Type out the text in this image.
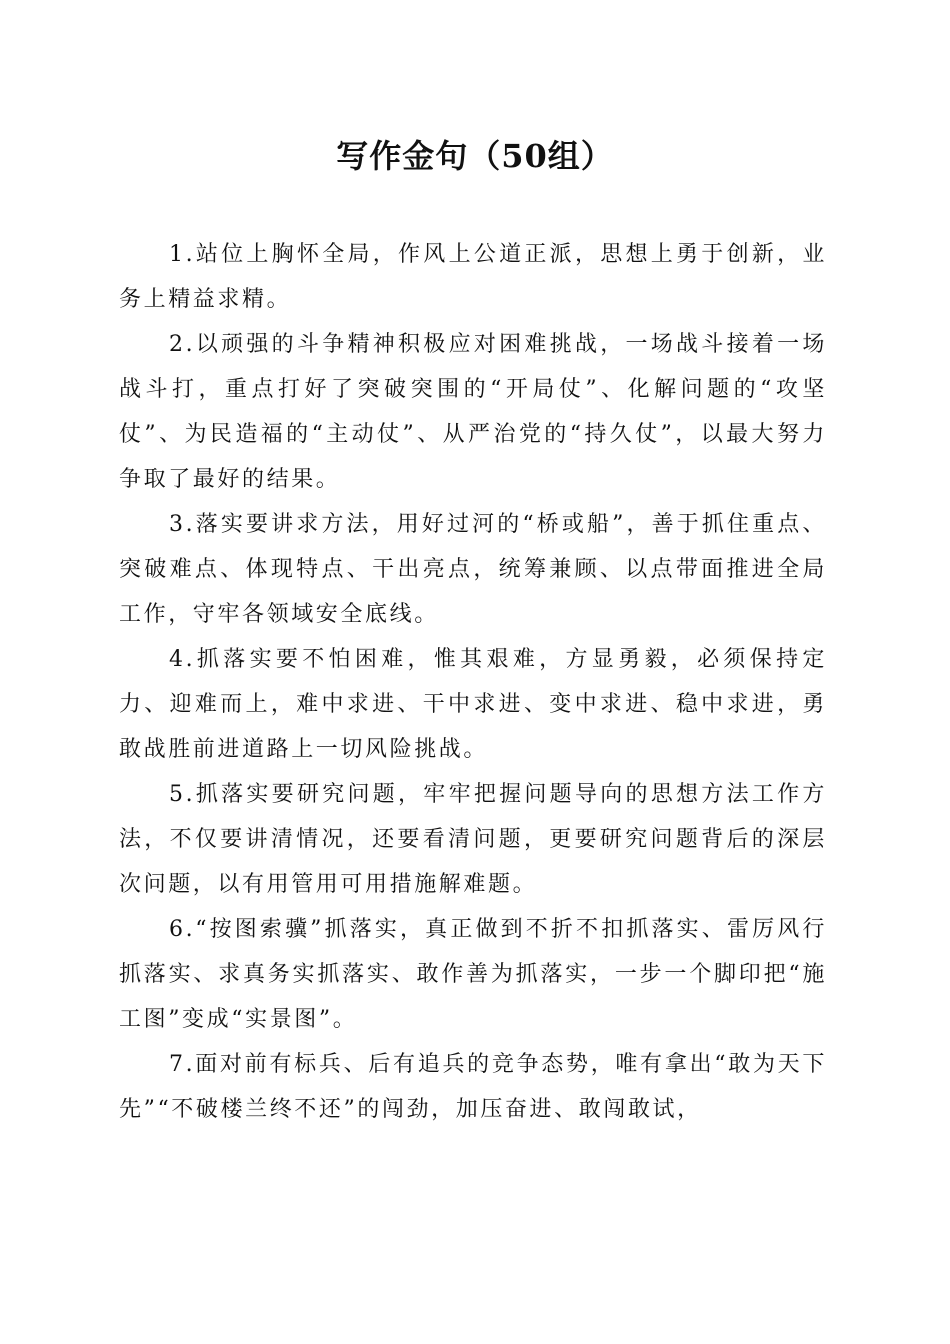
写作金句（50组）

1.站位上胸怀全局，作风上公道正派，思想上勇于创新，业务上精益求精。

2.以顽强的斗争精神积极应对困难挑战，一场战斗接着一场战斗打，重点打好了突破突围的“开局仗”、化解问题的“攻坚仗”、为民造福的“主动仗”、从严治党的“持久仗”，以最大努力争取了最好的结果。

3.落实要讲求方法，用好过河的“桥或船”，善于抓住重点、突破难点、体现特点、干出亮点，统筹兼顾、以点带面推进全局工作，守牢各领域安全底线。

4.抓落实要不怕困难，惟其艰难，方显勇毅，必须保持定力、迎难而上，难中求进、干中求进、变中求进、稳中求进，勇敢战胜前进道路上一切风险挑战。

5.抓落实要研究问题，牢牢把握问题导向的思想方法工作方法，不仅要讲清情况，还要看清问题，更要研究问题背后的深层次问题，以有用管用可用措施解难题。

6.“按图索骥”抓落实，真正做到不折不扣抓落实、雷厉风行抓落实、求真务实抓落实、敢作善为抓落实，一步一个脚印把“施工图”变成“实景图”。

7.面对前有标兵、后有追兵的竞争态势，唯有拿出“敢为天下先”“不破楼兰终不还”的闯劲，加压奋进、敢闯敢试，
